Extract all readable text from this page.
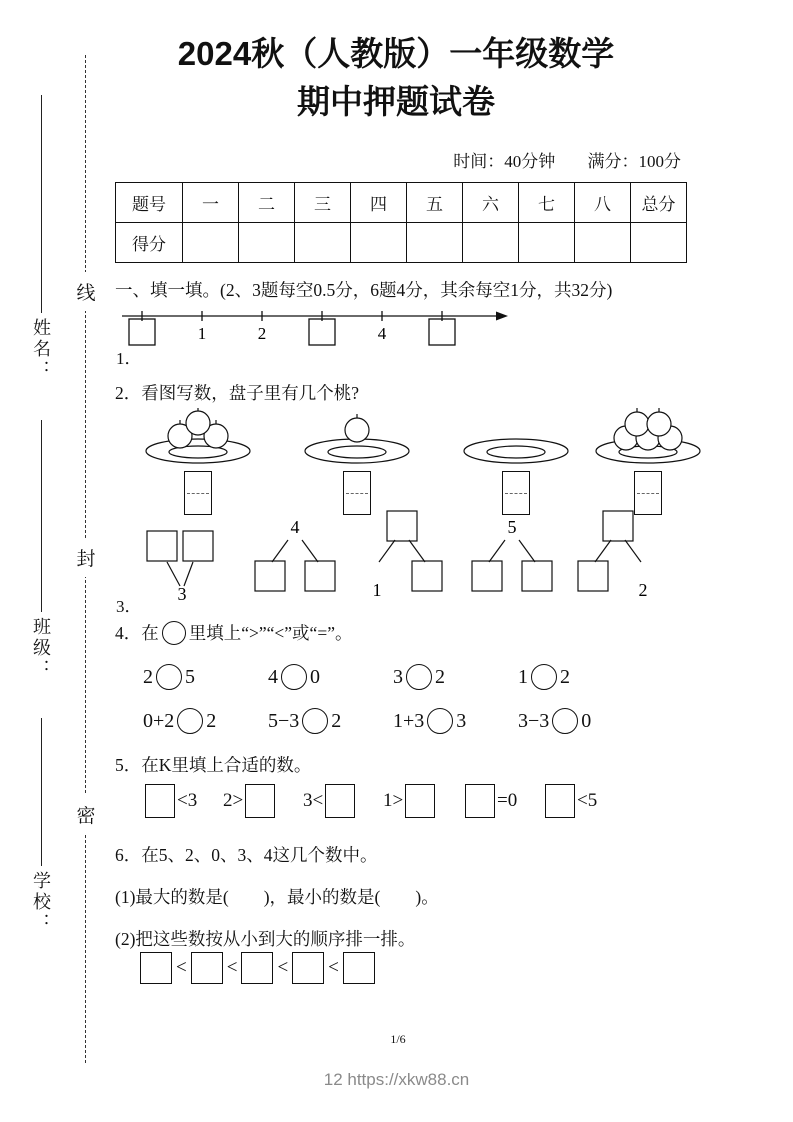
线
封
密
姓名：
班级：
学校：
2024秋（人教版）一年级数学
期中押题试卷
时间：40分钟 满分：100分
题号	一	二	三	四	五	六	七	八	总分
得分									
一、填一填。(2、3题每空0.5分，6题4分，其余每空1分，共32分)
1	2	4
1．
2．看图写数，盘子里有几个桃?
3
4
1
5
2
3．
4．在 里填上“>”“<”或“=”。
2 5	4 0	3 2	1 2
0+2 2	5−3 2	1+3 3	3−3 0
5．在K里填上合适的数。
<3 2>	3<	1>	=0	<5
6．在5、2、0、3、4这几个数中。
(1)最大的数是(　　)，最小的数是(　　)。
(2)把这些数按从小到大的顺序排一排。
< < < <
1/6
12 https://xkw88.cn
